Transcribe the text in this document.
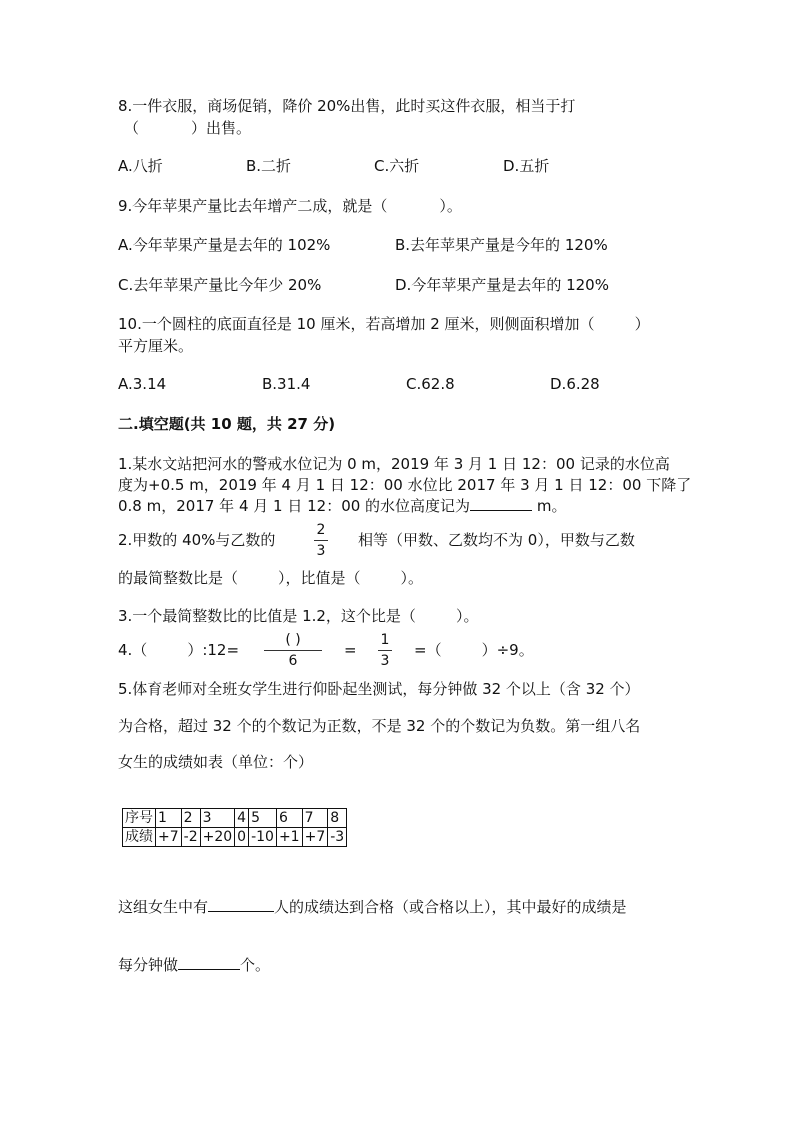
8.一件衣服，商场促销，降价 20%出售，此时买这件衣服，相当于打
（	）出售。
A.八折	B.二折	C.六折	D.五折
9.今年苹果产量比去年增产二成，就是（	）。
A.今年苹果产量是去年的 102%	B.去年苹果产量是今年的 120%
C.去年苹果产量比今年少 20%	D.今年苹果产量是去年的 120%
10.一个圆柱的底面直径是 10 厘米，若高增加 2 厘米，则侧面积增加（	）
平方厘米。
A.3.14	B.31.4	C.62.8	D.6.28
二.填空题(共 10 题，共 27 分)
1.某水文站把河水的警戒水位记为 0 m，2019 年 3 月 1 日 12：00 记录的水位高
度为+0.5 m，2019 年 4 月 1 日 12：00 水位比 2017 年 3 月 1 日 12：00 下降了
0.8 m，2017 年 4 月 1 日 12：00 的水位高度记为	m。
2.甲数的 40%与乙数的
2
3
相等（甲数、乙数均不为 0），甲数与乙数
的最简整数比是（	），比值是（	）。
3.一个最简整数比的比值是 1.2，这个比是（	）。
4.（	）:12=
( )
6
=
1
3
=（	）÷9。
5.体育老师对全班女学生进行仰卧起坐测试，每分钟做 32 个以上（含 32 个）
为合格，超过 32 个的个数记为正数，不是 32 个的个数记为负数。第一组八名
女生的成绩如表（单位：个）
序号	1	2	3	4	5	6	7	8
成绩	+7	-2	+20	0	-10	+1	+7	-3
这组女生中有	人的成绩达到合格（或合格以上），其中最好的成绩是
每分钟做	个。
